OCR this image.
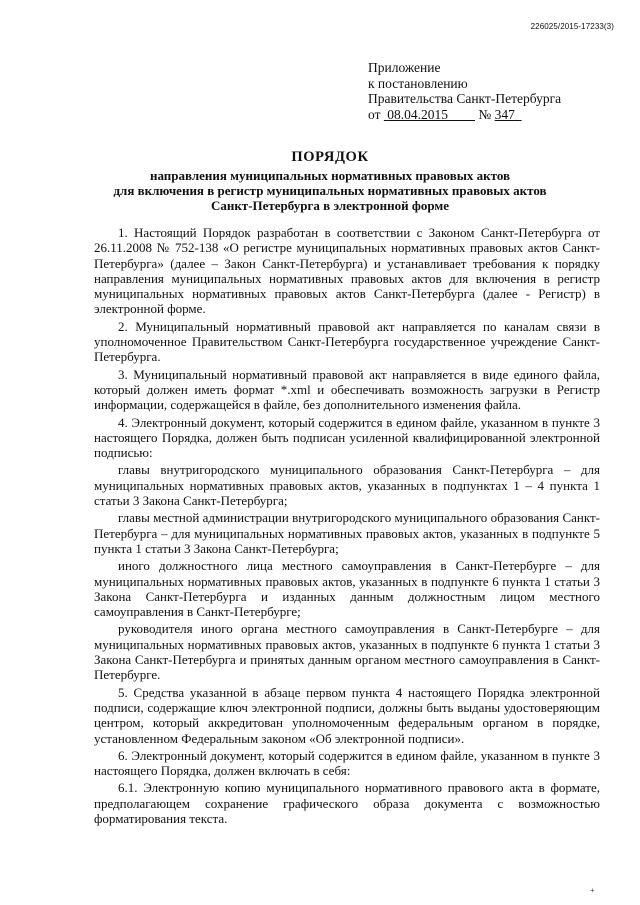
226025/2015-17233(3)
Приложение
к постановлению
Правительства Санкт-Петербурга
от 08.04.2015 № 347
ПОРЯДОК
направления муниципальных нормативных правовых актов
для включения в регистр муниципальных нормативных правовых актов
Санкт-Петербурга в электронной форме

1. Настоящий Порядок разработан в соответствии с Законом Санкт-Петербурга от 26.11.2008 № 752-138 «О регистре муниципальных нормативных правовых актов Санкт-Петербурга» (далее – Закон Санкт-Петербурга) и устанавливает требования к порядку направления муниципальных нормативных правовых актов для включения в регистр муниципальных нормативных правовых актов Санкт-Петербурга (далее - Регистр) в электронной форме.

2. Муниципальный нормативный правовой акт направляется по каналам связи в уполномоченное Правительством Санкт-Петербурга государственное учреждение Санкт-Петербурга.

3. Муниципальный нормативный правовой акт направляется в виде единого файла, который должен иметь формат *.xml и обеспечивать возможность загрузки в Регистр информации, содержащейся в файле, без дополнительного изменения файла.

4. Электронный документ, который содержится в едином файле, указанном в пункте 3 настоящего Порядка, должен быть подписан усиленной квалифицированной электронной подписью:

главы внутригородского муниципального образования Санкт-Петербурга – для муниципальных нормативных правовых актов, указанных в подпунктах 1 – 4 пункта 1 статьи 3 Закона Санкт-Петербурга;

главы местной администрации внутригородского муниципального образования Санкт-Петербурга – для муниципальных нормативных правовых актов, указанных в подпункте 5 пункта 1 статьи 3 Закона Санкт-Петербурга;

иного должностного лица местного самоуправления в Санкт-Петербурге – для муниципальных нормативных правовых актов, указанных в подпункте 6 пункта 1 статьи 3 Закона Санкт-Петербурга и изданных данным должностным лицом местного самоуправления в Санкт-Петербурге;

руководителя иного органа местного самоуправления в Санкт-Петербурге – для муниципальных нормативных правовых актов, указанных в подпункте 6 пункта 1 статьи 3 Закона Санкт-Петербурга и принятых данным органом местного самоуправления в Санкт-Петербурге.

5. Средства указанной в абзаце первом пункта 4 настоящего Порядка электронной подписи, содержащие ключ электронной подписи, должны быть выданы удостоверяющим центром, который аккредитован уполномоченным федеральным органом в порядке, установленном Федеральным законом «Об электронной подписи».

6. Электронный документ, который содержится в едином файле, указанном в пункте 3 настоящего Порядка, должен включать в себя:

6.1. Электронную копию муниципального нормативного правового акта в формате, предполагающем сохранение графического образа документа с возможностью форматирования текста.

+
